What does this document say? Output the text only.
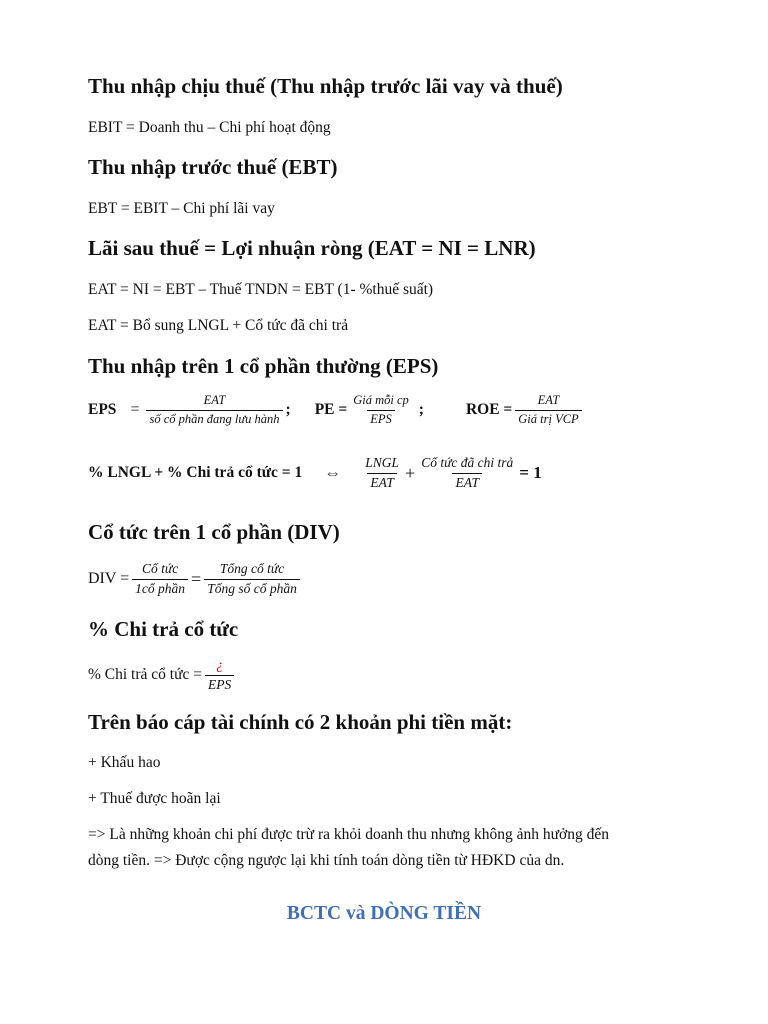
Thu nhập chịu thuế (Thu nhập trước lãi vay và thuế)
EBIT = Doanh thu – Chi phí hoạt động
Thu nhập trước thuế (EBT)
EBT = EBIT – Chi phí lãi vay
Lãi sau thuế = Lợi nhuận ròng (EAT = NI = LNR)
EAT = NI = EBT – Thuế TNDN = EBT (1- %thuế suất)
EAT = Bổ sung LNGL + Cổ tức đã chi trả
Thu nhập trên 1 cổ phần thường (EPS)
EPS = $\frac{\text{EAT}}{\text{số cổ phần đang lưu hành}}$ ; PE = $\frac{\text{Giá mỗi cp}}{\text{EPS}}$ ;	ROE = $\frac{\text{EAT}}{\text{Giá trị VCP}}$
% LNGL + % Chi trả cổ tức = 1 ⇔ $\frac{\text{LNGL}}{\text{EAT}} + \frac{\text{Cổ tức đã chi trả}}{\text{EAT}} = 1$
Cổ tức trên 1 cổ phần (DIV)
DIV = $\frac{\text{Cổ tức}}{\text{1cổ phần}} = \frac{\text{Tổng cổ tức}}{\text{Tổng số cổ phần}}$
% Chi trả cổ tức
% Chi trả cổ tức = $\frac{¿}{\text{EPS}}$
Trên báo cáp tài chính có 2 khoản phi tiền mặt:
+ Khấu hao
+ Thuế được hoãn lại
=> Là những khoản chi phí được trừ ra khỏi doanh thu nhưng không ảnh hưởng đến
dòng tiền. => Được cộng ngược lại khi tính toán dòng tiền từ HĐKD của dn.
BCTC và DÒNG TIỀN
